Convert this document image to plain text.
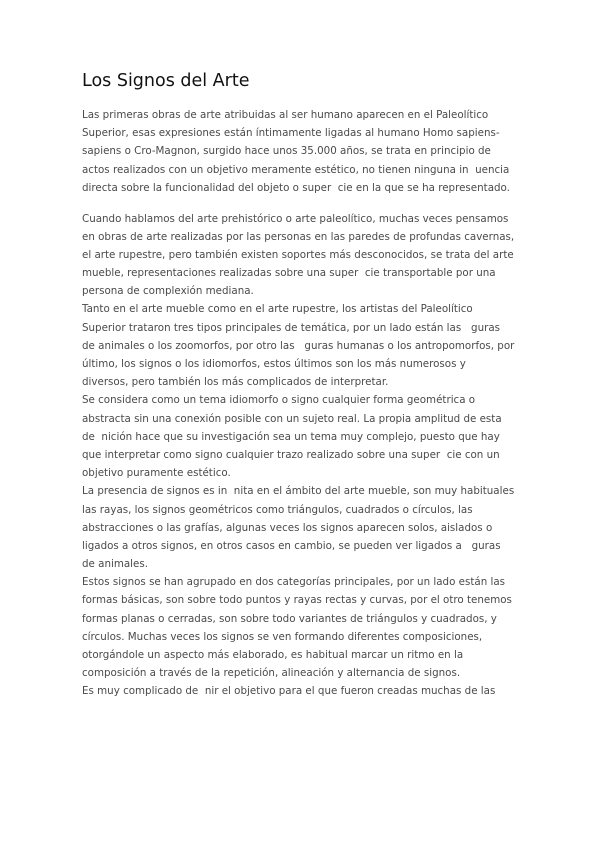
Los Signos del Arte
Las primeras obras de arte atribuidas al ser humano aparecen en el Paleolítico
Superior, esas expresiones están íntimamente ligadas al humano Homo sapiens-
sapiens o Cro-Magnon, surgido hace unos 35.000 años, se trata en principio de
actos realizados con un objetivo meramente estético, no tienen ninguna in  uencia
directa sobre la funcionalidad del objeto o super  cie en la que se ha representado.
Cuando hablamos del arte prehistórico o arte paleolítico, muchas veces pensamos
en obras de arte realizadas por las personas en las paredes de profundas cavernas,
el arte rupestre, pero también existen soportes más desconocidos, se trata del arte
mueble, representaciones realizadas sobre una super  cie transportable por una
persona de complexión mediana.
Tanto en el arte mueble como en el arte rupestre, los artistas del Paleolítico
Superior trataron tres tipos principales de temática, por un lado están las   guras
de animales o los zoomorfos, por otro las   guras humanas o los antropomorfos, por
último, los signos o los idiomorfos, estos últimos son los más numerosos y
diversos, pero también los más complicados de interpretar.
Se considera como un tema idiomorfo o signo cualquier forma geométrica o
abstracta sin una conexión posible con un sujeto real. La propia amplitud de esta
de  nición hace que su investigación sea un tema muy complejo, puesto que hay
que interpretar como signo cualquier trazo realizado sobre una super  cie con un
objetivo puramente estético.
La presencia de signos es in  nita en el ámbito del arte mueble, son muy habituales
las rayas, los signos geométricos como triángulos, cuadrados o círculos, las
abstracciones o las grafías, algunas veces los signos aparecen solos, aislados o
ligados a otros signos, en otros casos en cambio, se pueden ver ligados a   guras
de animales.
Estos signos se han agrupado en dos categorías principales, por un lado están las
formas básicas, son sobre todo puntos y rayas rectas y curvas, por el otro tenemos
formas planas o cerradas, son sobre todo variantes de triángulos y cuadrados, y
círculos. Muchas veces los signos se ven formando diferentes composiciones,
otorgándole un aspecto más elaborado, es habitual marcar un ritmo en la
composición a través de la repetición, alineación y alternancia de signos.
Es muy complicado de  nir el objetivo para el que fueron creadas muchas de las
